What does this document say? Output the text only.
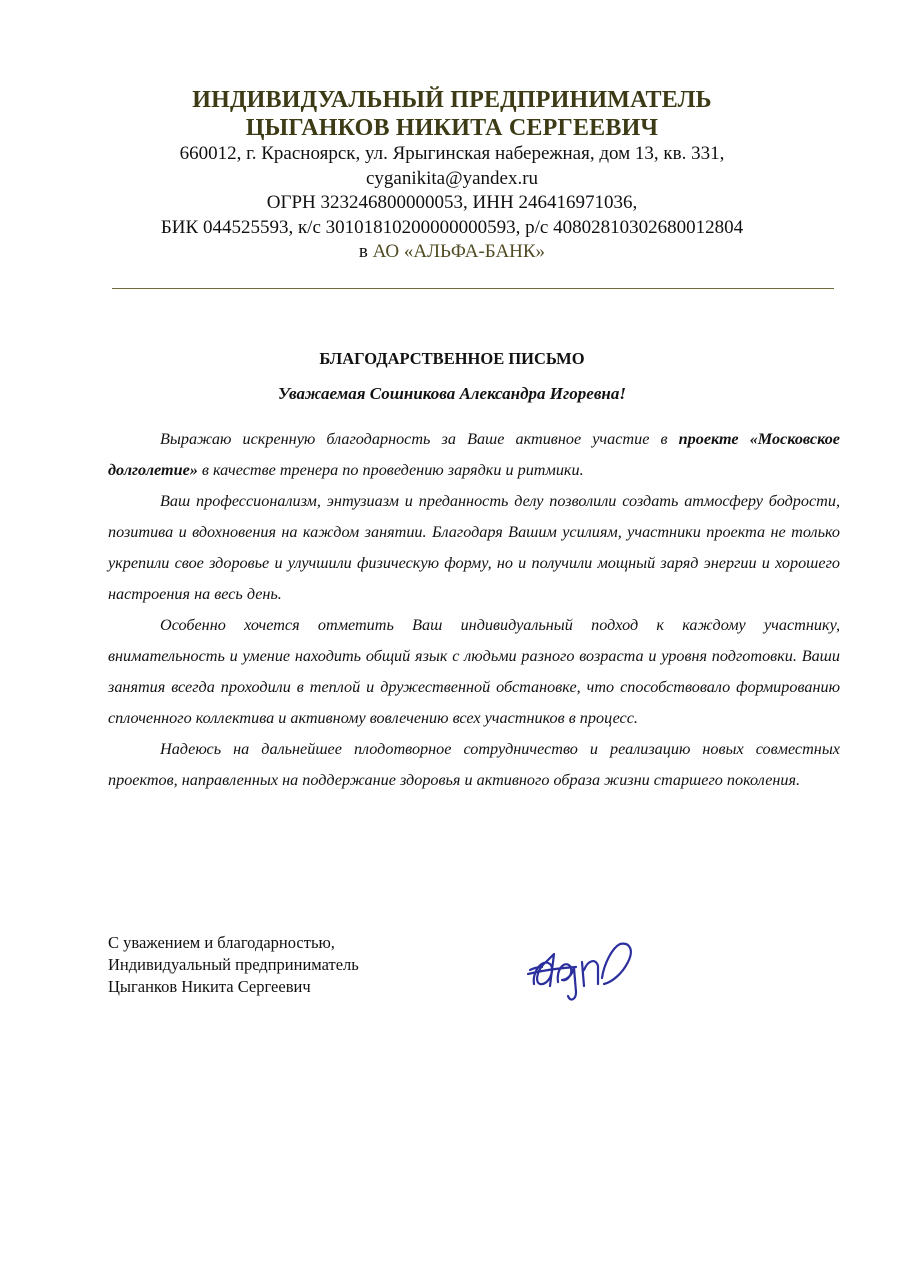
ИНДИВИДУАЛЬНЫЙ ПРЕДПРИНИМАТЕЛЬ
ЦЫГАНКОВ НИКИТА СЕРГЕЕВИЧ
660012, г. Красноярск, ул. Ярыгинская набережная, дом 13, кв. 331,
cyganikita@yandex.ru
ОГРН 323246800000053, ИНН 246416971036,
БИК 044525593, к/с 30101810200000000593, р/с 40802810302680012804
в АО «АЛЬФА-БАНК»
БЛАГОДАРСТВЕННОЕ ПИСЬМО
Уважаемая Сошникова Александра Игоревна!

Выражаю искренную благодарность за Ваше активное участие в проекте «Московское долголетие» в качестве тренера по проведению зарядки и ритмики.

Ваш профессионализм, энтузиазм и преданность делу позволили создать атмосферу бодрости, позитива и вдохновения на каждом занятии. Благодаря Вашим усилиям, участники проекта не только укрепили свое здоровье и улучшили физическую форму, но и получили мощный заряд энергии и хорошего настроения на весь день.

Особенно хочется отметить Ваш индивидуальный подход к каждому участнику, внимательность и умение находить общий язык с людьми разного возраста и уровня подготовки. Ваши занятия всегда проходили в теплой и дружественной обстановке, что способствовало формированию сплоченного коллектива и активному вовлечению всех участников в процесс.

Надеюсь на дальнейшее плодотворное сотрудничество и реализацию новых совместных проектов, направленных на поддержание здоровья и активного образа жизни старшего поколения.

С уважением и благодарностью,
Индивидуальный предприниматель
Цыганков Никита Сергеевич
